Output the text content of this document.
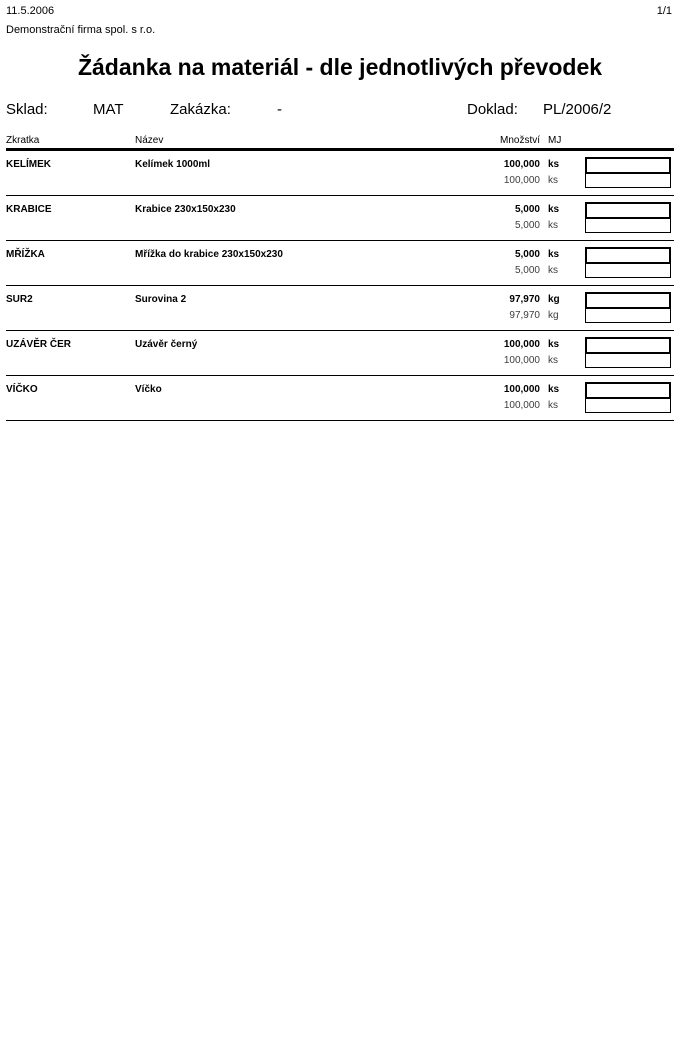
11.5.2006	1/1
Demonstrační firma spol. s r.o.
Žádanka na materiál - dle jednotlivých převodek
Sklad:	MAT	Zakázka:	-	Doklad: PL/2006/2
Zkratka	Název	Množství MJ
KELÍMEK	Kelímek 1000ml	100,000 ks
100,000 ks
KRABICE	Krabice 230x150x230	5,000 ks
5,000 ks
MŘÍŽKA	Mřížka do krabice 230x150x230	5,000 ks
5,000 ks
SUR2	Surovina 2	97,970 kg
97,970 kg
UZÁVĚR ČER	Uzávěr černý	100,000 ks
100,000 ks
VÍČKO	Víčko	100,000 ks
100,000 ks
